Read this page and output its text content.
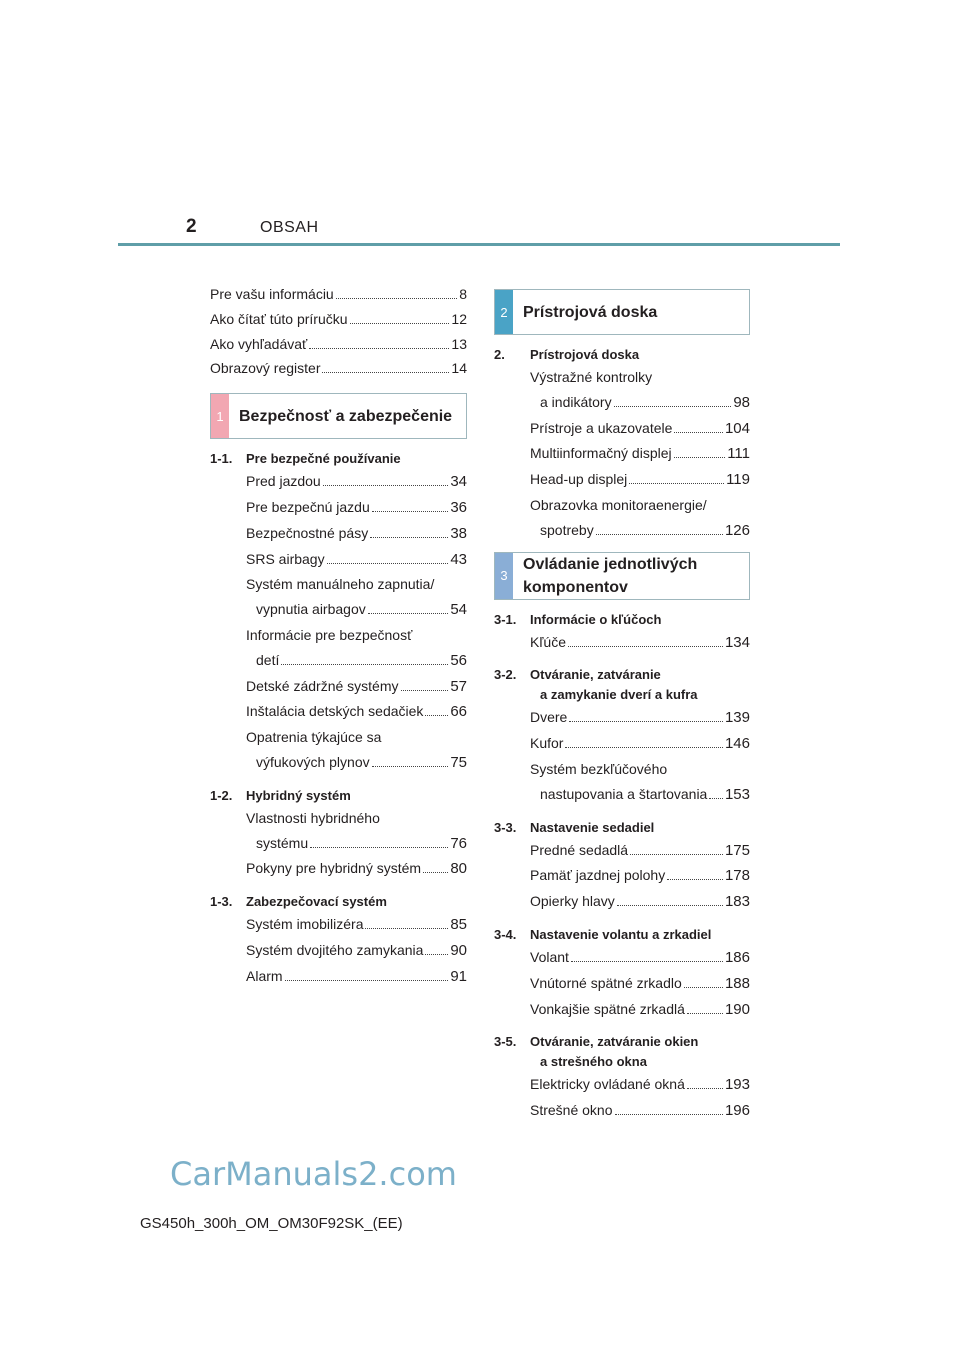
2	OBSAH
Pre vašu informáciu	8
Ako čítať túto príručku	12
Ako vyhľadávať	13
Obrazový register	14
1 Bezpečnosť a zabezpečenie
1-1.	Pre bezpečné používanie
Pred jazdou	34
Pre bezpečnú jazdu	36
Bezpečnostné pásy	38
SRS airbagy	43
Systém manuálneho zapnutia/
vypnutia airbagov	54
Informácie pre bezpečnosť
detí	56
Detské zádržné systémy	57
Inštalácia detských sedačiek 66
Opatrenia týkajúce sa
výfukových plynov	75
1-2.	Hybridný systém
Vlastnosti hybridného
systému	76
Pokyny pre hybridný systém 80
1-3.	Zabezpečovací systém
Systém imobilizéra	85
Systém dvojitého zamykania 90
Alarm	91
2 Prístrojová doska
2.	Prístrojová doska
Výstražné kontrolky
a indikátory	98
Prístroje a ukazovatele	104
Multiinformačný displej	111
Head-up displej	119
Obrazovka monitoraenergie/
spotreby	126
3
Ovládanie jednotlivých
komponentov
3-1.	Informácie o kľúčoch
Kľúče	134
3-2.	Otváranie, zatváranie
a zamykanie dverí a kufra
Dvere	139
Kufor	146
Systém bezkľúčového
nastupovania a štartovania 153
3-3.	Nastavenie sedadiel
Predné sedadlá	175
Pamäť jazdnej polohy	178
Opierky hlavy	183
3-4.	Nastavenie volantu a zrkadiel
Volant	186
Vnútorné spätné zrkadlo	188
Vonkajšie spätné zrkadlá	190
3-5.	Otváranie, zatváranie okien
a strešného okna
Elektricky ovládané okná	193
Strešné okno	196
CarManuals2.com
GS450h_300h_OM_OM30F92SK_(EE)
